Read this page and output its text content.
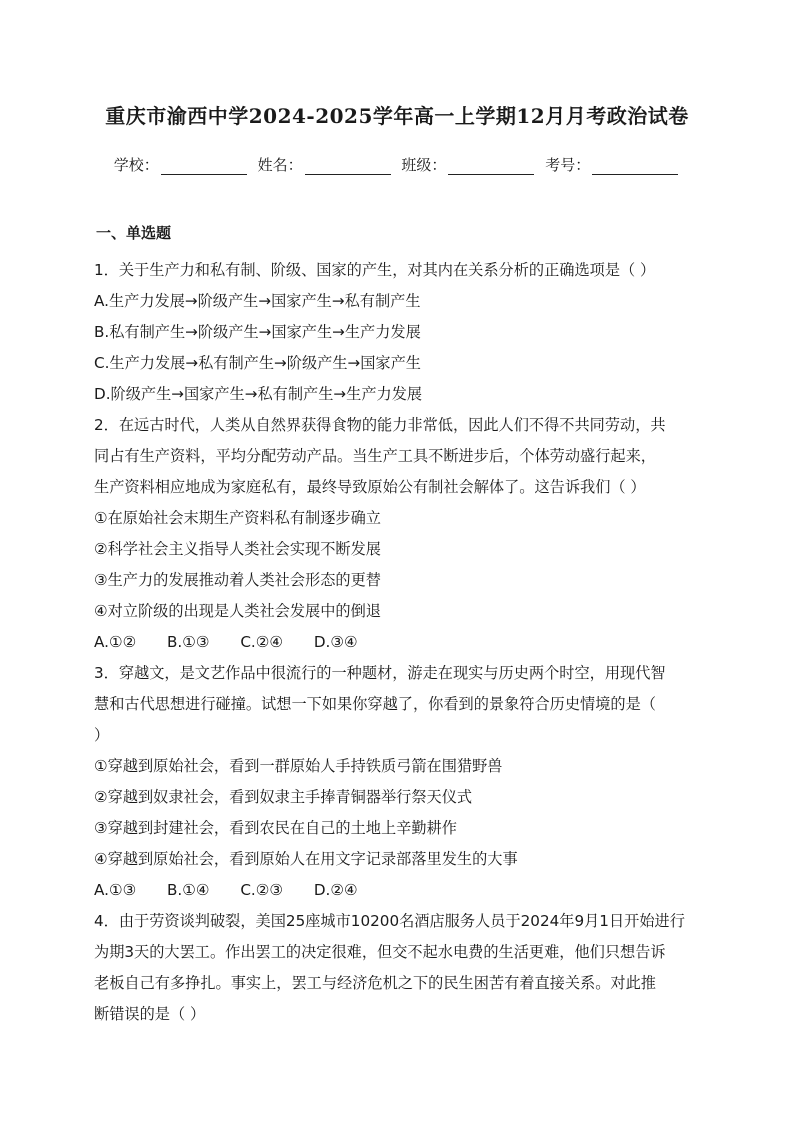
重庆市渝西中学2024-2025学年高一上学期12月月考政治试卷
学校：	姓名：	班级：	考号：
一、单选题
1．关于生产力和私有制、阶级、国家的产生，对其内在关系分析的正确选项是（ ）
A.生产力发展→阶级产生→国家产生→私有制产生
B.私有制产生→阶级产生→国家产生→生产力发展
C.生产力发展→私有制产生→阶级产生→国家产生
D.阶级产生→国家产生→私有制产生→生产力发展
2．在远古时代，人类从自然界获得食物的能力非常低，因此人们不得不共同劳动，共
同占有生产资料，平均分配劳动产品。当生产工具不断进步后，个体劳动盛行起来，
生产资料相应地成为家庭私有，最终导致原始公有制社会解体了。这告诉我们（ ）
①在原始社会末期生产资料私有制逐步确立
②科学社会主义指导人类社会实现不断发展
③生产力的发展推动着人类社会形态的更替
④对立阶级的出现是人类社会发展中的倒退
A.①② B.①③ C.②④ D.③④
3．穿越文，是文艺作品中很流行的一种题材，游走在现实与历史两个时空，用现代智
慧和古代思想进行碰撞。试想一下如果你穿越了，你看到的景象符合历史情境的是（
）
①穿越到原始社会，看到一群原始人手持铁质弓箭在围猎野兽
②穿越到奴隶社会，看到奴隶主手捧青铜器举行祭天仪式
③穿越到封建社会，看到农民在自己的土地上辛勤耕作
④穿越到原始社会，看到原始人在用文字记录部落里发生的大事
A.①③ B.①④ C.②③ D.②④
4．由于劳资谈判破裂，美国25座城市10200名酒店服务人员于2024年9月1日开始进行
为期3天的大罢工。作出罢工的决定很难，但交不起水电费的生活更难，他们只想告诉
老板自己有多挣扎。事实上，罢工与经济危机之下的民生困苦有着直接关系。对此推
断错误的是（ ）
